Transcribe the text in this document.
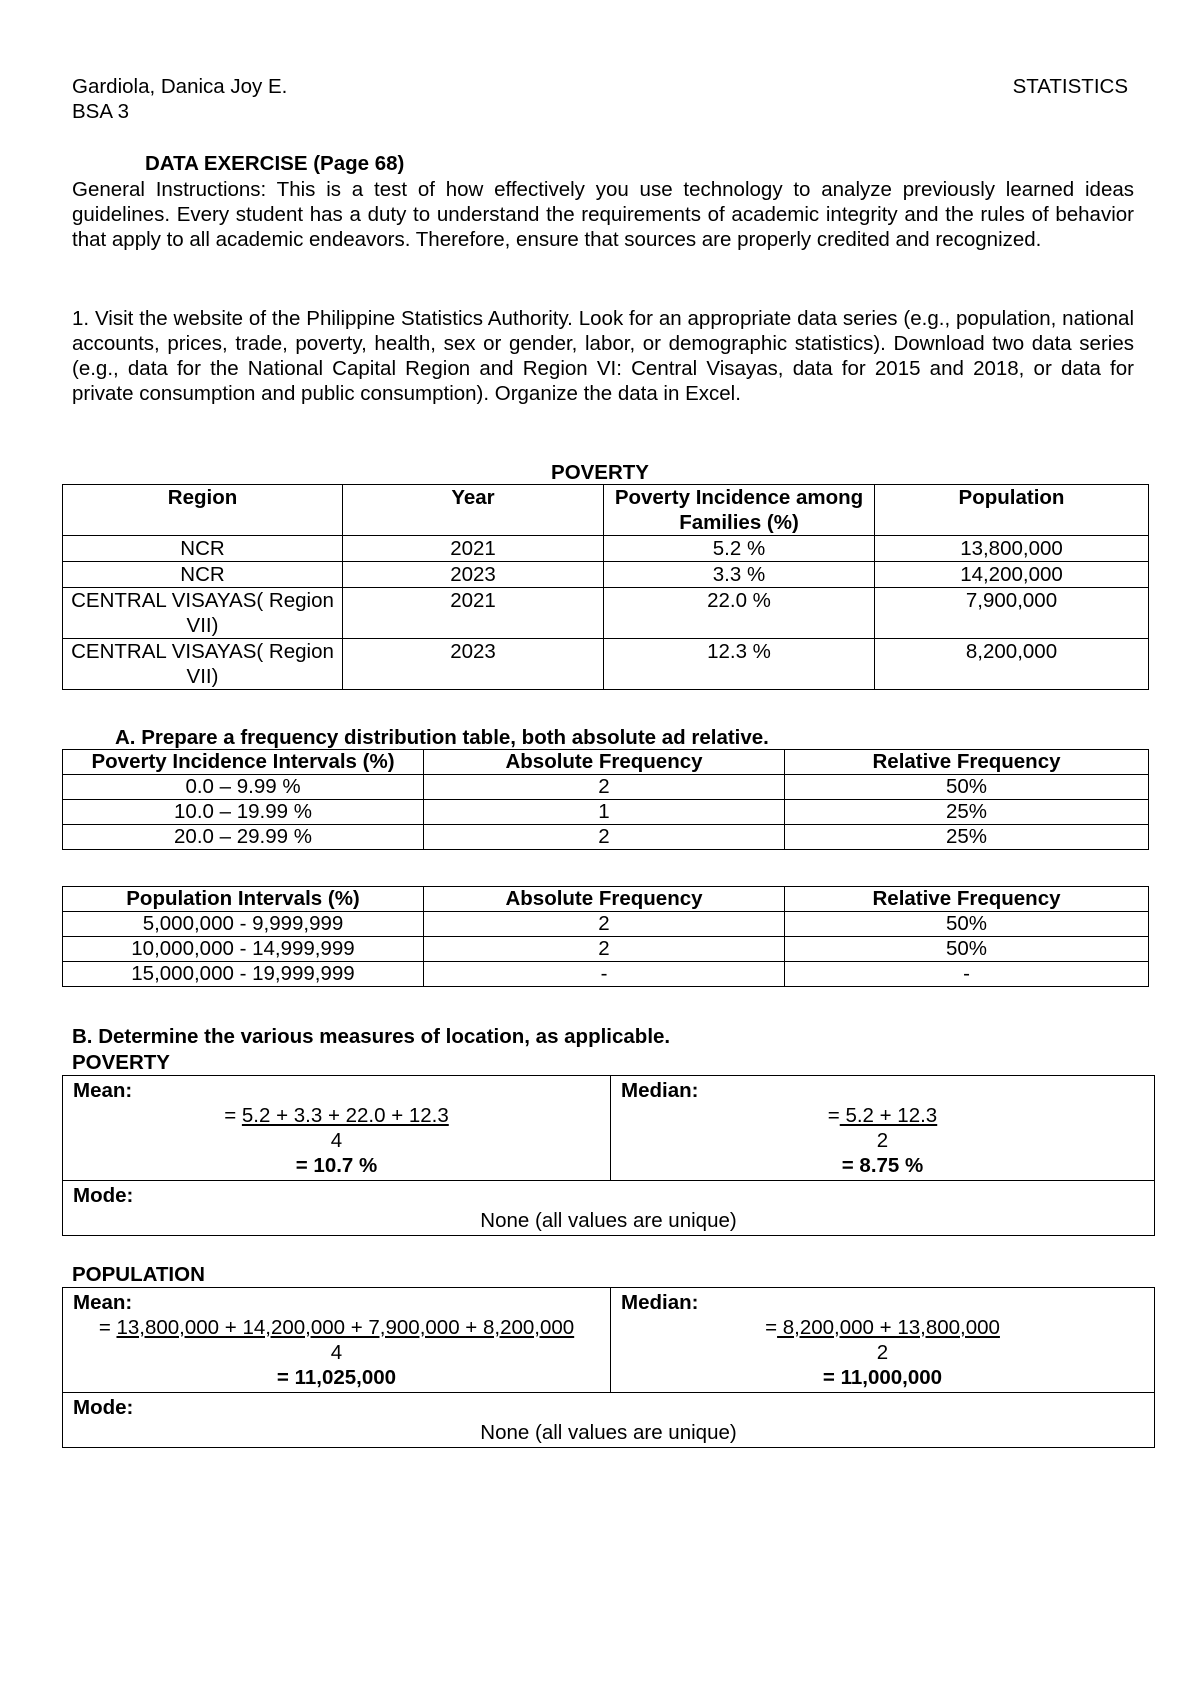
Gardiola, Danica Joy E.
BSA 3
STATISTICS
DATA EXERCISE (Page 68)
General Instructions: This is a test of how effectively you use technology to analyze previously learned ideas guidelines. Every student has a duty to understand the requirements of academic integrity and the rules of behavior that apply to all academic endeavors. Therefore, ensure that sources are properly credited and recognized.
1. Visit the website of the Philippine Statistics Authority. Look for an appropriate data series (e.g., population, national accounts, prices, trade, poverty, health, sex or gender, labor, or demographic statistics). Download two data series (e.g., data for the National Capital Region and Region VI: Central Visayas, data for 2015 and 2018, or data for private consumption and public consumption). Organize the data in Excel.
POVERTY
Region	Year	Poverty Incidence among Families (%)	Population
NCR	2021	5.2 %	13,800,000
NCR	2023	3.3 %	14,200,000
CENTRAL VISAYAS( Region VII)	2021	22.0 %	7,900,000
CENTRAL VISAYAS( Region VII)	2023	12.3 %	8,200,000
A. Prepare a frequency distribution table, both absolute ad relative.
Poverty Incidence Intervals (%)	Absolute Frequency	Relative Frequency
0.0 – 9.99 %	2	50%
10.0 – 19.99 %	1	25%
20.0 – 29.99 %	2	25%
Population Intervals (%)	Absolute Frequency	Relative Frequency
5,000,000 - 9,999,999	2	50%
10,000,000 - 14,999,999	2	50%
15,000,000 - 19,999,999	-	-
B. Determine the various measures of location, as applicable.
POVERTY
Mean:
= 5.2 + 3.3 + 22.0 + 12.3
4
= 10.7 %

Median:
= 5.2 + 12.3
2
= 8.75 %

Mode:
None (all values are unique)
POPULATION
Mean:
= 13,800,000 + 14,200,000 + 7,900,000 + 8,200,000
4
= 11,025,000

Median:
= 8,200,000 + 13,800,000
2
= 11,000,000

Mode:
None (all values are unique)
